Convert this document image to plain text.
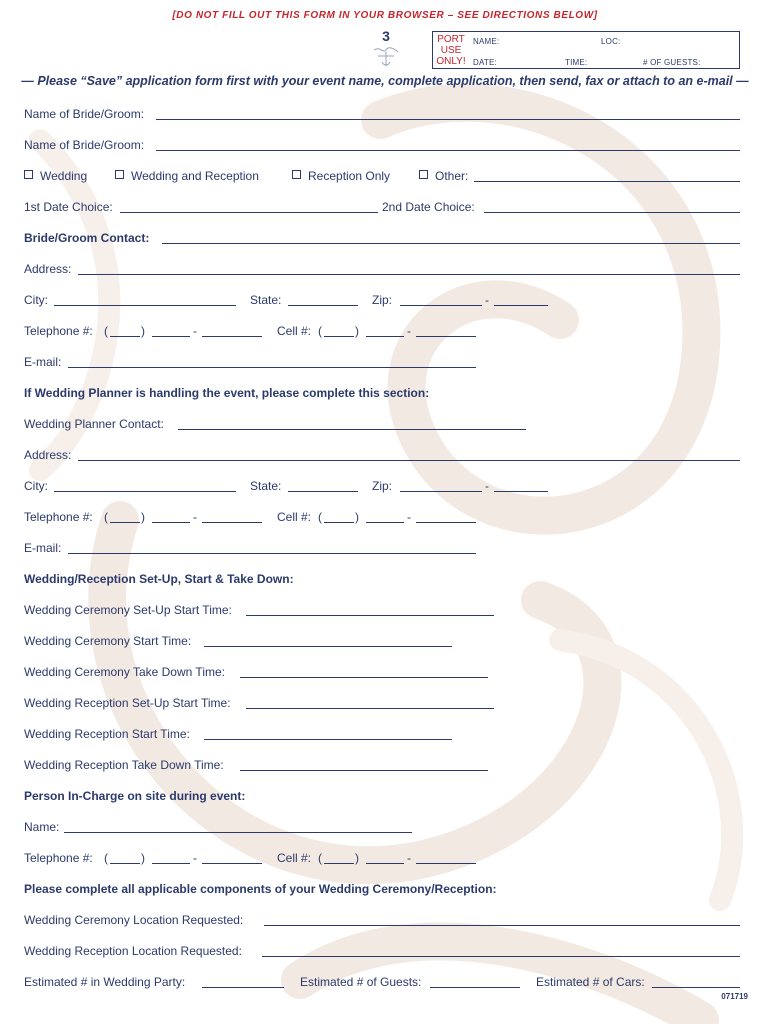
[DO NOT FILL OUT THIS FORM IN YOUR BROWSER – SEE DIRECTIONS BELOW]
3	PORT
USE
ONLY!
NAME:	LOC:
DATE:	TIME:	# OF GUESTS:
— Please “Save” application form first with your event name, complete application, then send, fax or attach to an e-mail —
Name of Bride/Groom:
Name of Bride/Groom:
Wedding	Wedding and Reception	Reception Only	Other:
1st Date Choice:	2nd Date Choice:
Bride/Groom Contact:
Address:
City:	State:	Zip:	-
Telephone #: (	)	-	Cell #: (	)	-
E-mail:
If Wedding Planner is handling the event, please complete this section:
Wedding Planner Contact:
Address:
City:	State:	Zip:	-
Telephone #: (	)	-	Cell #: (	)	-
E-mail:
Wedding/Reception Set-Up, Start & Take Down:
Wedding Ceremony Set-Up Start Time:
Wedding Ceremony Start Time:
Wedding Ceremony Take Down Time:
Wedding Reception Set-Up Start Time:
Wedding Reception Start Time:
Wedding Reception Take Down Time:
Person In-Charge on site during event:
Name:
Telephone #: (	)	-	Cell #: (	)	-
Please complete all applicable components of your Wedding Ceremony/Reception:
Wedding Ceremony Location Requested:
Wedding Reception Location Requested:
Estimated # in Wedding Party:	Estimated # of Guests:	Estimated # of Cars:
071719
